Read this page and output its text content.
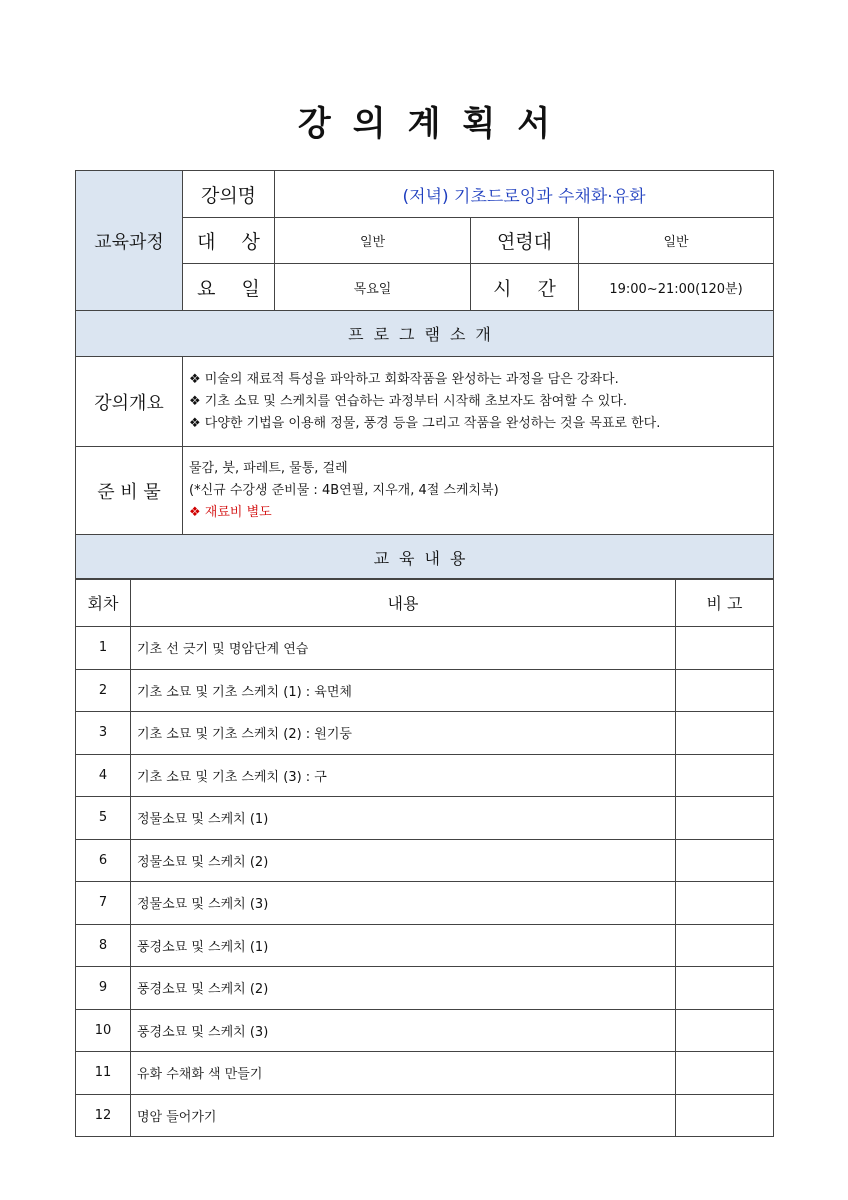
강의계획서
교육과정	강의명	(저녁) 기초드로잉과 수채화·유화		
	대 상	일반	연령대	일반
	요 일	목요일	시 간	19:00~21:00(120분)
프로그램소개				
강의개요	❖ 미술의 재료적 특성을 파악하고 회화작품을 완성하는 과정을 담은 강좌다.
❖ 기초 소묘 및 스케치를 연습하는 과정부터 시작해 초보자도 참여할 수 있다.
❖ 다양한 기법을 이용해 정물, 풍경 등을 그리고 작품을 완성하는 것을 목표로 한다.			

준 비 물	물감, 붓, 파레트, 물통, 걸레
(*신규 수강생 준비물 : 4B연필, 지우개, 4절 스케치북)
❖ 재료비 별도			

교육내용				
회차	내용	비 고
1	기초 선 긋기 및 명암단계 연습	
2	기초 소묘 및 기초 스케치 (1) : 육면체	
3	기초 소묘 및 기초 스케치 (2) : 원기둥	
4	기초 소묘 및 기초 스케치 (3) : 구	
5	정물소묘 및 스케치 (1)	
6	정물소묘 및 스케치 (2)	
7	정물소묘 및 스케치 (3)	
8	풍경소묘 및 스케치 (1)	
9	풍경소묘 및 스케치 (2)	
10	풍경소묘 및 스케치 (3)	
11	유화 수채화 색 만들기	
12	명암 들어가기	
